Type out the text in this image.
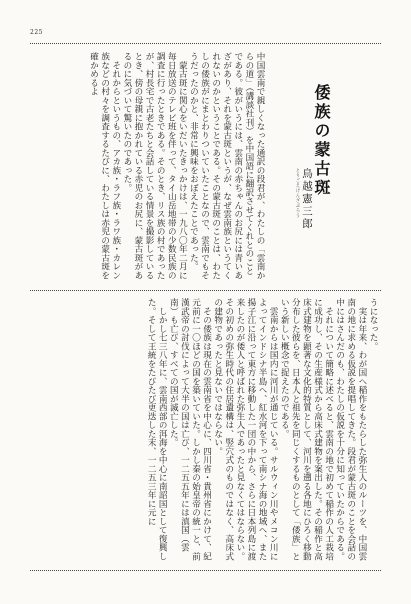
225
中国雲南で親しくなった通訳の段君が、わたしの「雲南からの道」（講談社刊）を中国語に翻訳させてくれとのことである。彼がいうには、雲南の赤ちゃんのお尻には青いあざがあり、それを蒙古斑というが、なぜ雲南族というてくれないのかということである。その蒙古斑のことは、わたしの倭族がにまとわりついていたことなので、雲南でもそうだったのかと、非常に興味をおぼえたことであった。
　蒙古斑に関心をいだいたきっかけは、一九八〇年二月に毎日放送のテレビ班を伴って、タイ山岳地帯の少数民族の調査に行ったときである。そのとき、リス族の村であったが、村長宅で古老たちと会話している情景を撮影しているとき、傍の母親に抱かれている赤児のお尻に、蒙古斑があるのに気づいて驚いたのであった。
　それからというもの、アカ族・ラフ族・ラワ族・カレン族などの村々を調査するたびに、わたしは赤児の蒙古斑を確かめるよ
倭族の蒙古斑
とりごえけんざぶろう 鳥越憲三郎
うになった。
　実は年来、わが国へ稲作をもたらした弥生人のルーツを、中国雲南の地に求める仮説を提唱してきた。段君が蒙古斑のことを会話の中にはさんだのも、わたしの仮説を十分に知っていたからである。
　それについて簡略に述べると、雲南の地で初めて稲作の人工栽培に成功し、その生産様式から高床式建物を案出した。その稲作と高床式建物を顕著な文化的特質として、河川を遡る各地にひろく移動分布した彼らを、日本人と祖先を同じくするものとして「倭族」という新しい概念で捉えたのである。
　雲南からは国内に河川が通じている。サルウィン川やメコン川によってインドシナ半島へ、紅水河を下って南シナ海の地域へ、また揚子江に沿って東方に移動した一団の中から、さらに日本列島に渡来したのが倭人と呼ばれた弥生人であったと見なくてはならない。その初めの弥生時代の住居遺構は、竪穴式のものではなく、高床式の建物であったと見ないではならない。
　その倭族は現在の雲南省を中心に、四川省・貴州省にかけて、紀元前に一〇ほどの国を築いていた。しかし秦の始皇帝の統一と、前漢武帝の討伐によって大半の国は亡び、一二五五年には滇国（雲南）も亡び、すべての国が滅亡した。
　しかし七三八年に、雲南西部の洱海を中心に南詔国として復興した。そして王統をたびたび更迭した末、一二五三年に元に
